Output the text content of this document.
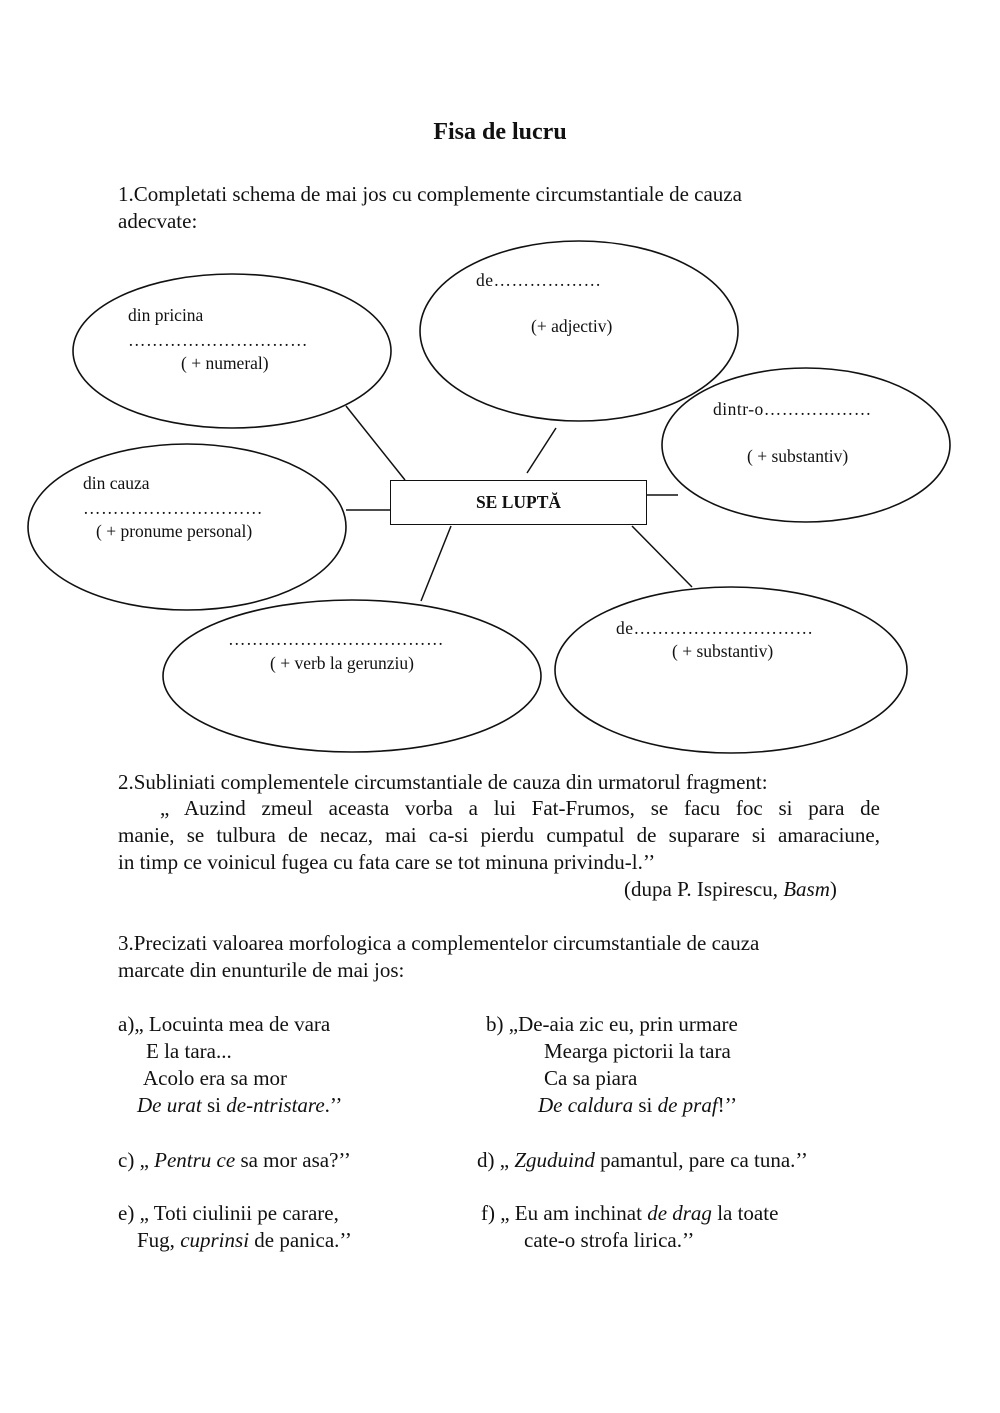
Fisa de lucru
1.Completati schema de mai jos cu complemente circumstantiale de cauza
adecvate:
SE LUPTĂ
din pricina
…………………………
( + numeral)
de………………
(+ adjectiv)
dintr-o………………
( + substantiv)
din cauza
…………………………
( + pronume personal)
………………………………
( + verb la gerunziu)
de…………………………
( + substantiv)
2.Subliniati complementele circumstantiale de cauza din urmatorul fragment:
„ Auzind zmeul aceasta vorba a lui Fat-Frumos, se facu foc si para de
manie, se tulbura de necaz, mai ca-si pierdu cumpatul de suparare si amaraciune,
in timp ce voinicul fugea cu fata care se tot minuna privindu-l.’’
(dupa P. Ispirescu, Basm)
3.Precizati valoarea morfologica a complementelor circumstantiale de cauza
marcate din enunturile de mai jos:
a)„ Locuinta mea de vara
E la tara...
Acolo era sa mor
De urat si de-ntristare.’’
b) „De-aia zic eu, prin urmare
Mearga pictorii la tara
Ca sa piara
De caldura si de praf!’’
c) „ Pentru ce sa mor asa?’’	d) „ Zguduind pamantul, pare ca tuna.’’
e) „ Toti ciulinii pe carare,
Fug, cuprinsi de panica.’’
f) „ Eu am inchinat de drag la toate
cate-o strofa lirica.’’
